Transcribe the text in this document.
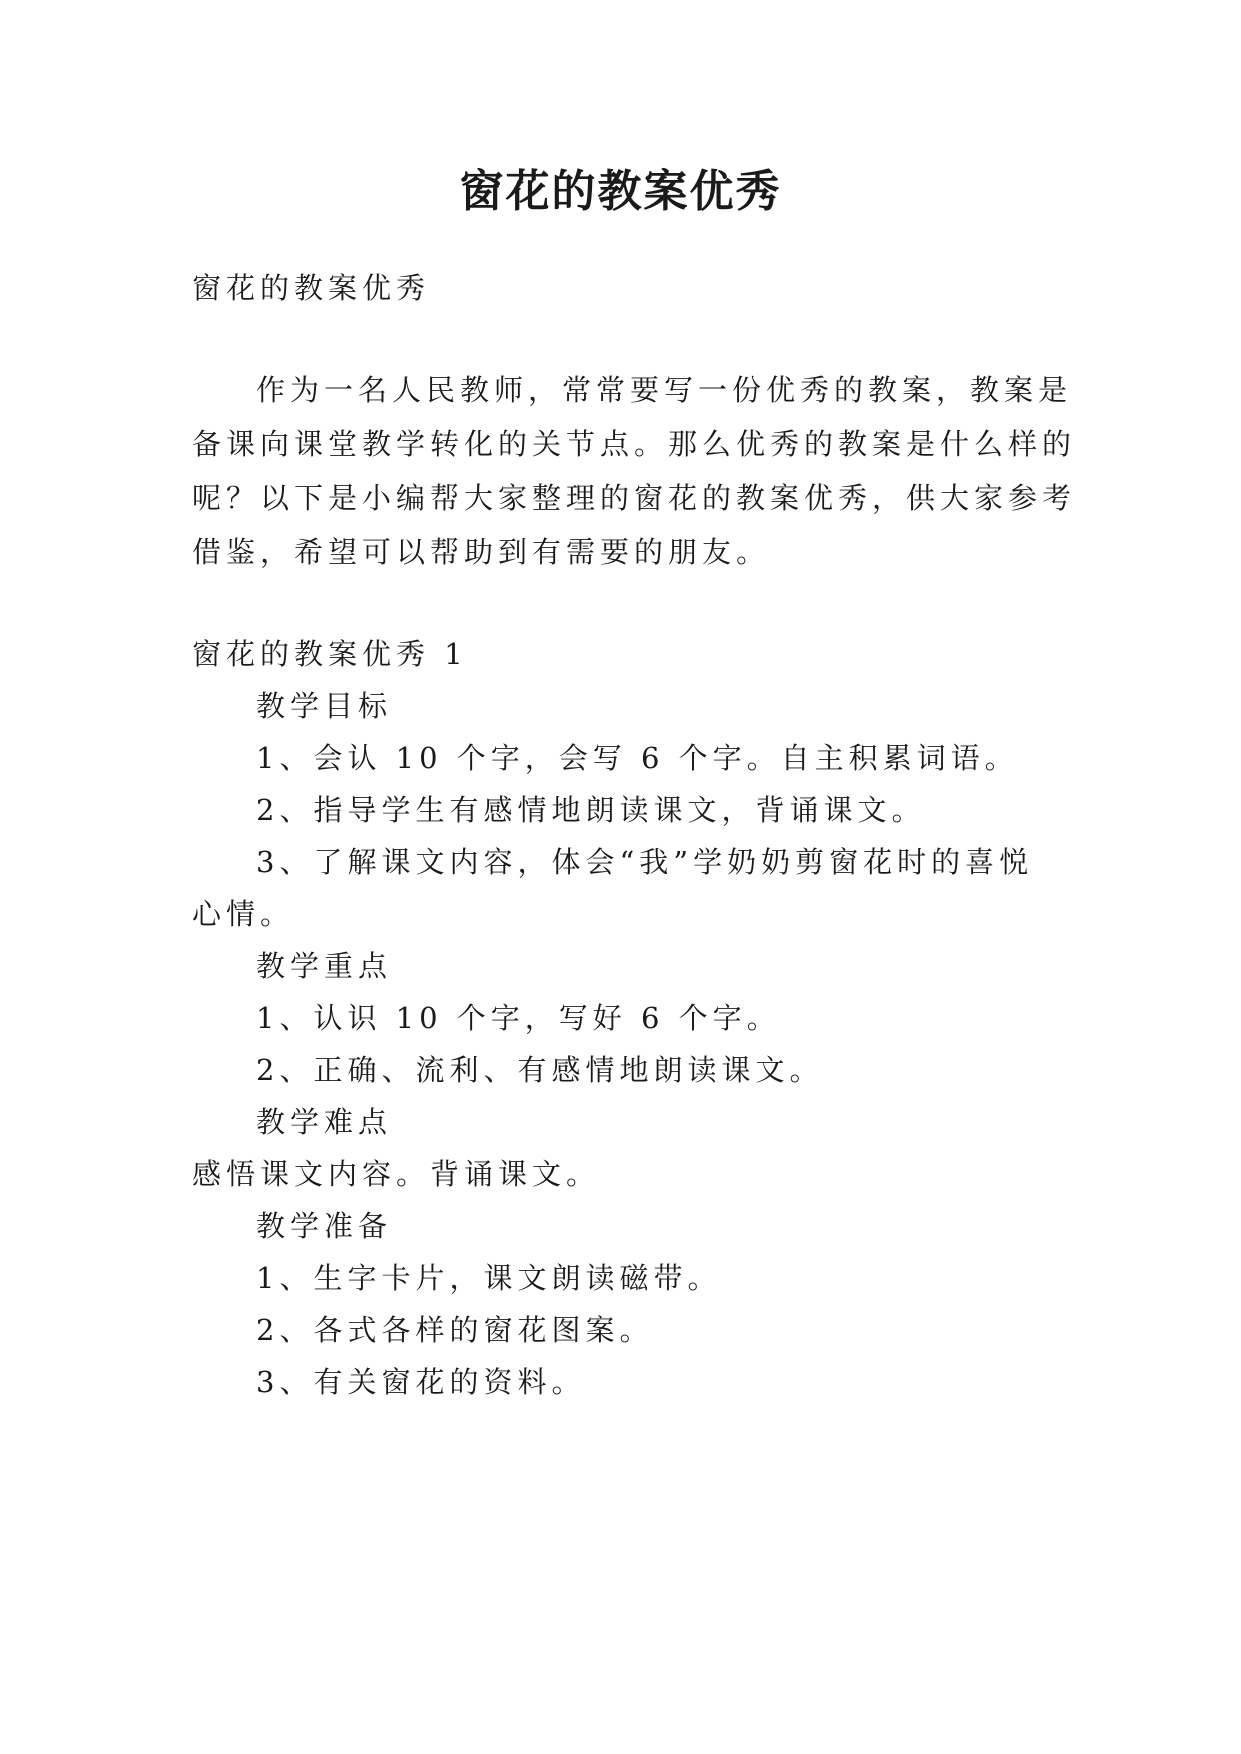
窗花的教案优秀
窗花的教案优秀
作为一名人民教师，常常要写一份优秀的教案，教案是
备课向课堂教学转化的关节点。那么优秀的教案是什么样的
呢？以下是小编帮大家整理的窗花的教案优秀，供大家参考
借鉴，希望可以帮助到有需要的朋友。
窗花的教案优秀 1
教学目标
1、会认 10 个字，会写 6 个字。自主积累词语。
2、指导学生有感情地朗读课文，背诵课文。
3、了解课文内容，体会“我”学奶奶剪窗花时的喜悦
心情。
教学重点
1、认识 10 个字，写好 6 个字。
2、正确、流利、有感情地朗读课文。
教学难点
感悟课文内容。背诵课文。
教学准备
1、生字卡片，课文朗读磁带。
2、各式各样的窗花图案。
3、有关窗花的资料。
